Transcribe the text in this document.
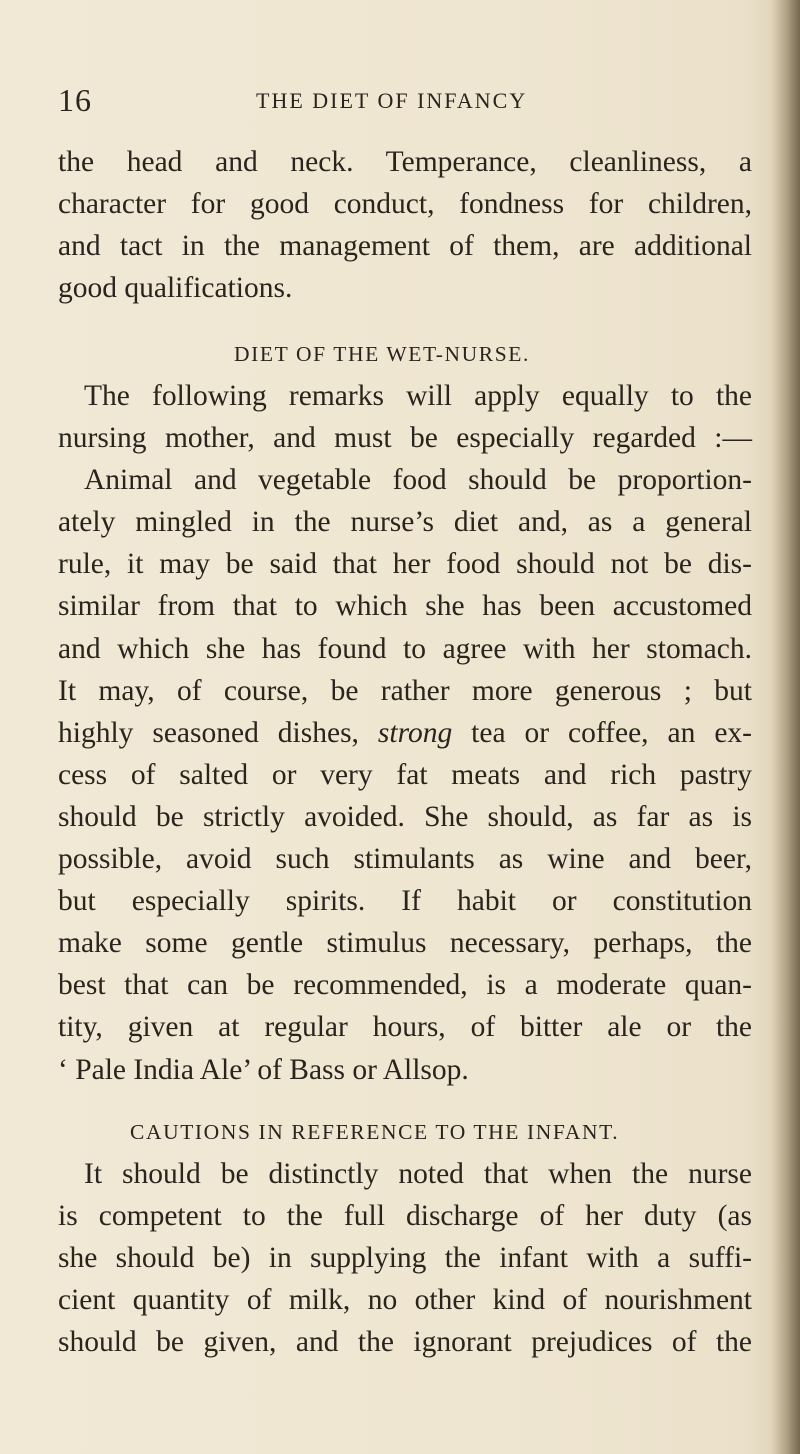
16	THE DIET OF INFANCY
the head and neck. Temperance, cleanliness, a
character for good conduct, fondness for children,
and tact in the management of them, are additional
good qualifications.
DIET OF THE WET-NURSE.
The following remarks will apply equally to the
nursing mother, and must be especially regarded :—
Animal and vegetable food should be proportion-
ately mingled in the nurse’s diet and, as a general
rule, it may be said that her food should not be dis-
similar from that to which she has been accustomed
and which she has found to agree with her stomach.
It may, of course, be rather more generous ; but
highly seasoned dishes, strong tea or coffee, an ex-
cess of salted or very fat meats and rich pastry
should be strictly avoided. She should, as far as is
possible, avoid such stimulants as wine and beer,
but especially spirits. If habit or constitution
make some gentle stimulus necessary, perhaps, the
best that can be recommended, is a moderate quan-
tity, given at regular hours, of bitter ale or the
‘ Pale India Ale’ of Bass or Allsop.
CAUTIONS IN REFERENCE TO THE INFANT.
It should be distinctly noted that when the nurse
is competent to the full discharge of her duty (as
she should be) in supplying the infant with a suffi-
cient quantity of milk, no other kind of nourishment
should be given, and the ignorant prejudices of the
